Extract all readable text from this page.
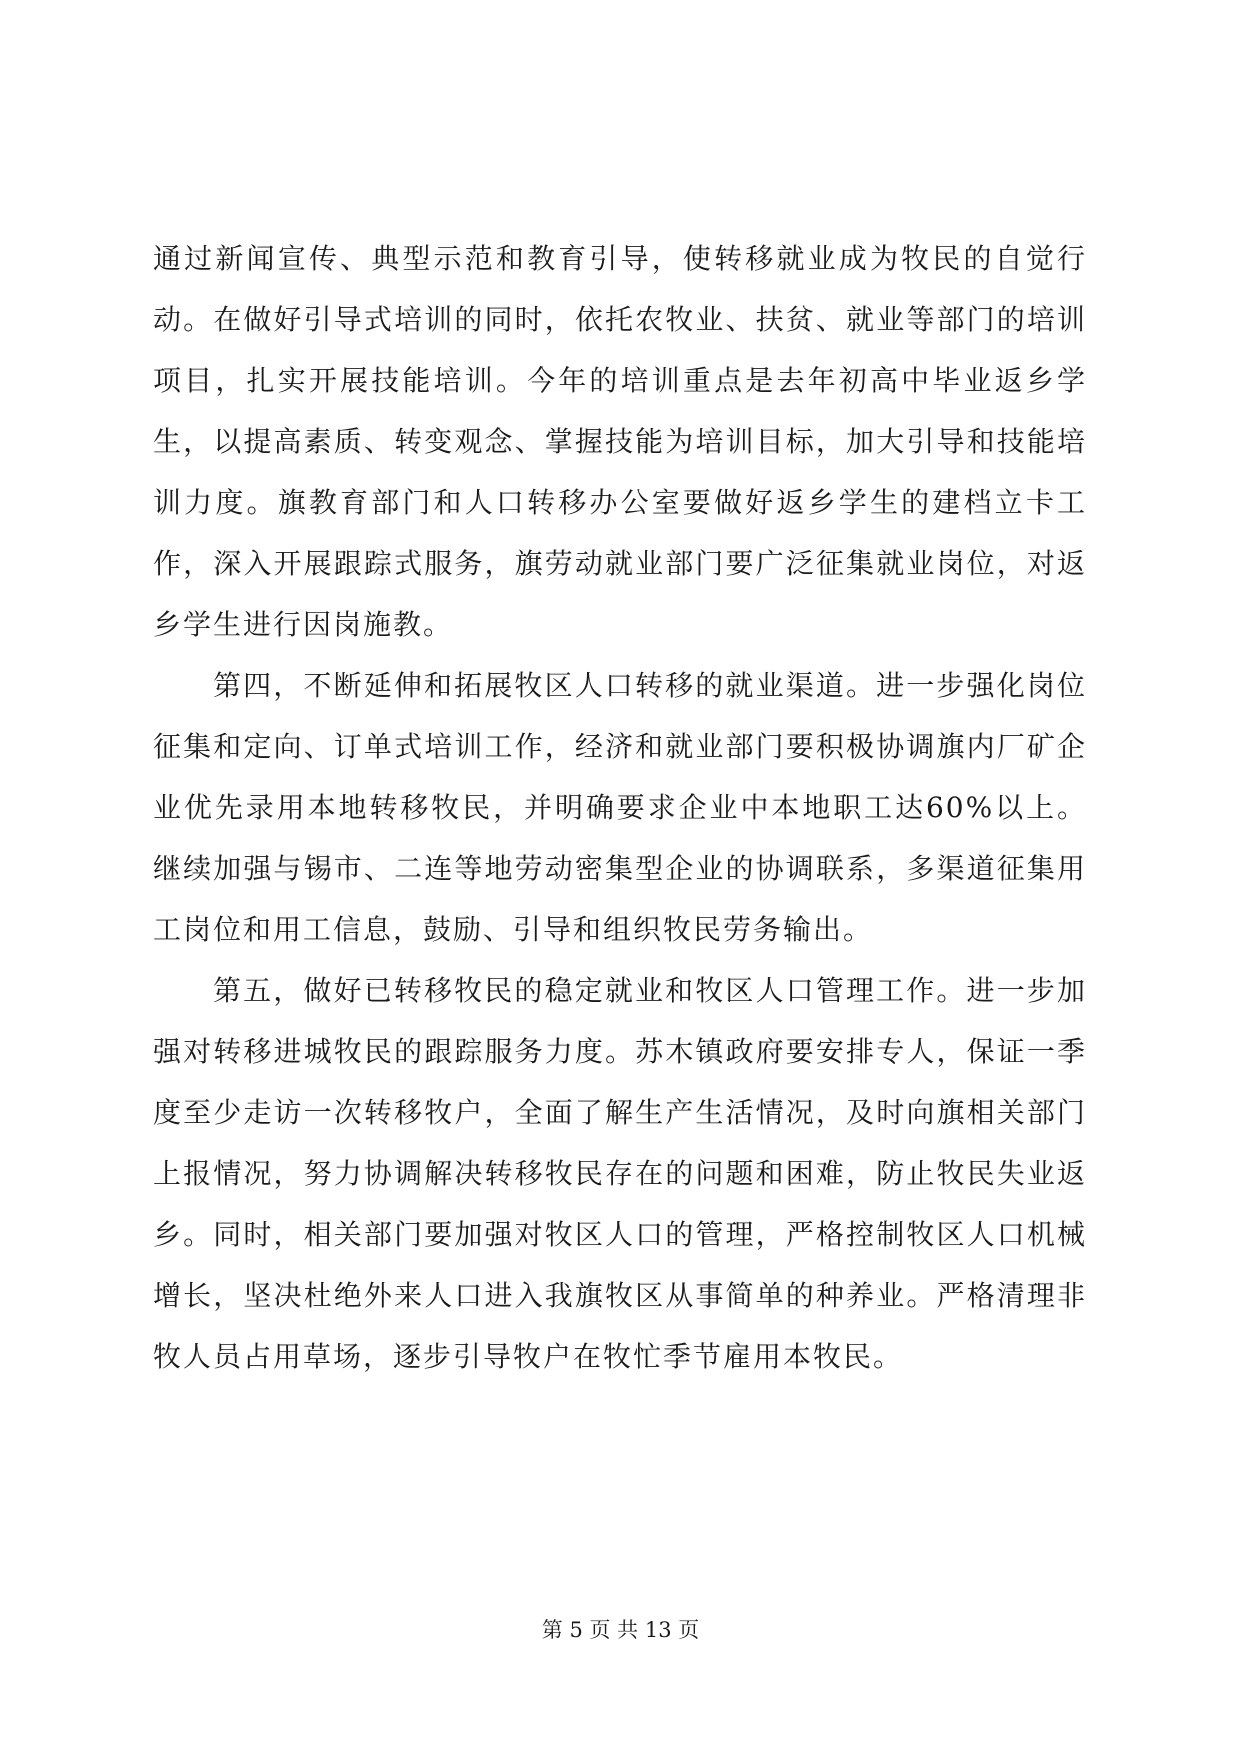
通过新闻宣传、典型示范和教育引导，使转移就业成为牧民的自觉行动。在做好引导式培训的同时，依托农牧业、扶贫、就业等部门的培训项目，扎实开展技能培训。今年的培训重点是去年初高中毕业返乡学生，以提高素质、转变观念、掌握技能为培训目标，加大引导和技能培训力度。旗教育部门和人口转移办公室要做好返乡学生的建档立卡工作，深入开展跟踪式服务，旗劳动就业部门要广泛征集就业岗位，对返乡学生进行因岗施教。

第四，不断延伸和拓展牧区人口转移的就业渠道。进一步强化岗位征集和定向、订单式培训工作，经济和就业部门要积极协调旗内厂矿企业优先录用本地转移牧民，并明确要求企业中本地职工达60%以上。继续加强与锡市、二连等地劳动密集型企业的协调联系，多渠道征集用工岗位和用工信息，鼓励、引导和组织牧民劳务输出。

第五，做好已转移牧民的稳定就业和牧区人口管理工作。进一步加强对转移进城牧民的跟踪服务力度。苏木镇政府要安排专人，保证一季度至少走访一次转移牧户，全面了解生产生活情况，及时向旗相关部门上报情况，努力协调解决转移牧民存在的问题和困难，防止牧民失业返乡。同时，相关部门要加强对牧区人口的管理，严格控制牧区人口机械增长，坚决杜绝外来人口进入我旗牧区从事简单的种养业。严格清理非牧人员占用草场，逐步引导牧户在牧忙季节雇用本牧民。

第 5 页 共 13 页
